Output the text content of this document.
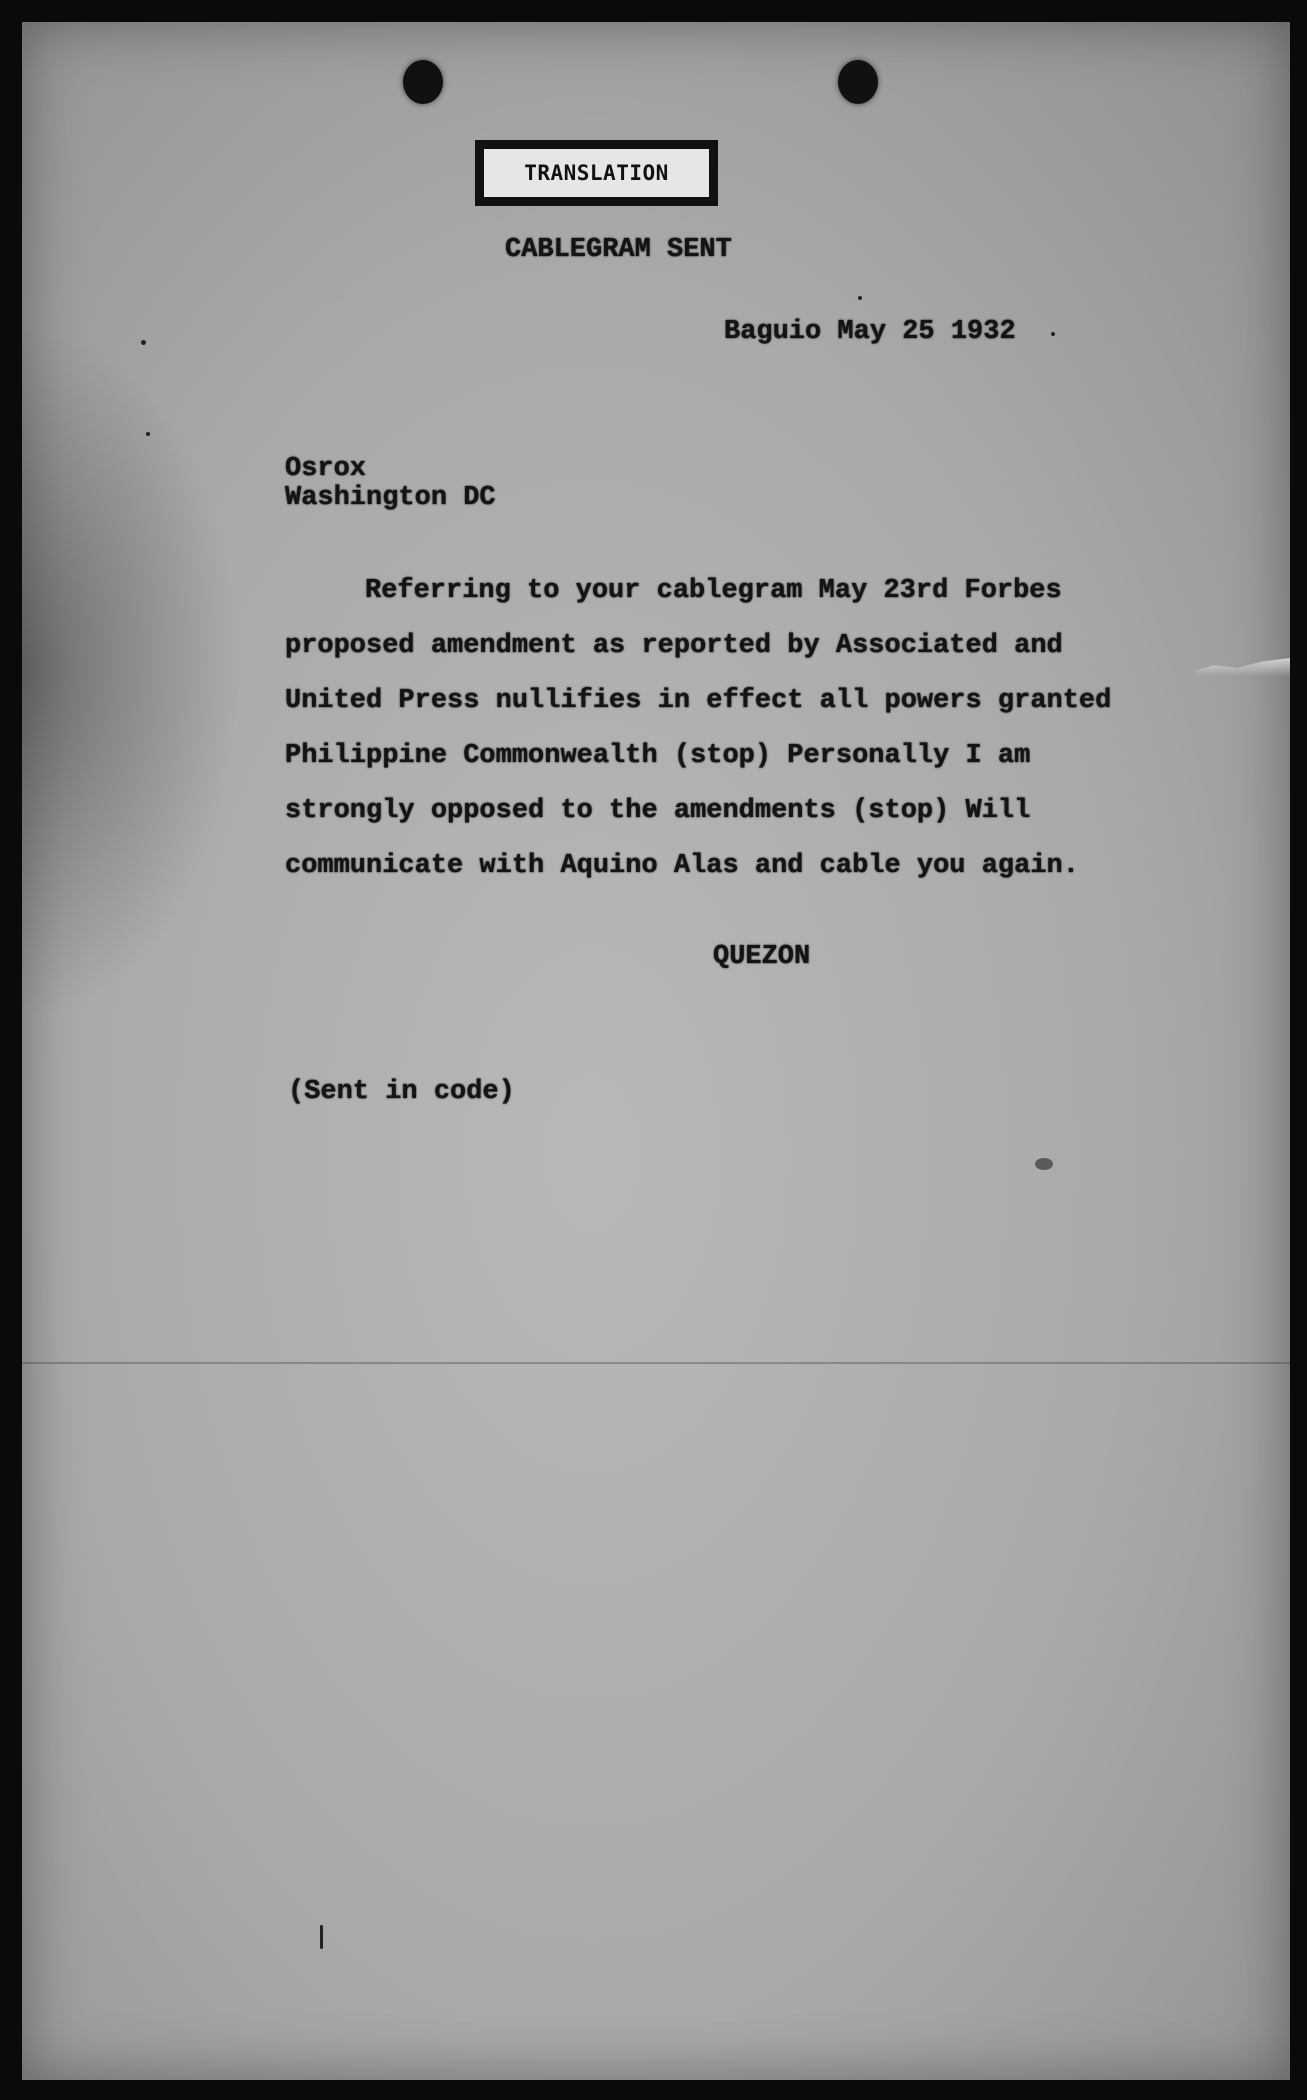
TRANSLATION
CABLEGRAM SENT
Baguio May 25 1932
Osrox
Washington DC
Referring to your cablegram May 23rd Forbes
proposed amendment as reported by Associated and
United Press nullifies in effect all powers granted
Philippine Commonwealth (stop) Personally I am
strongly opposed to the amendments (stop) Will
communicate with Aquino Alas and cable you again.
QUEZON
(Sent in code)
